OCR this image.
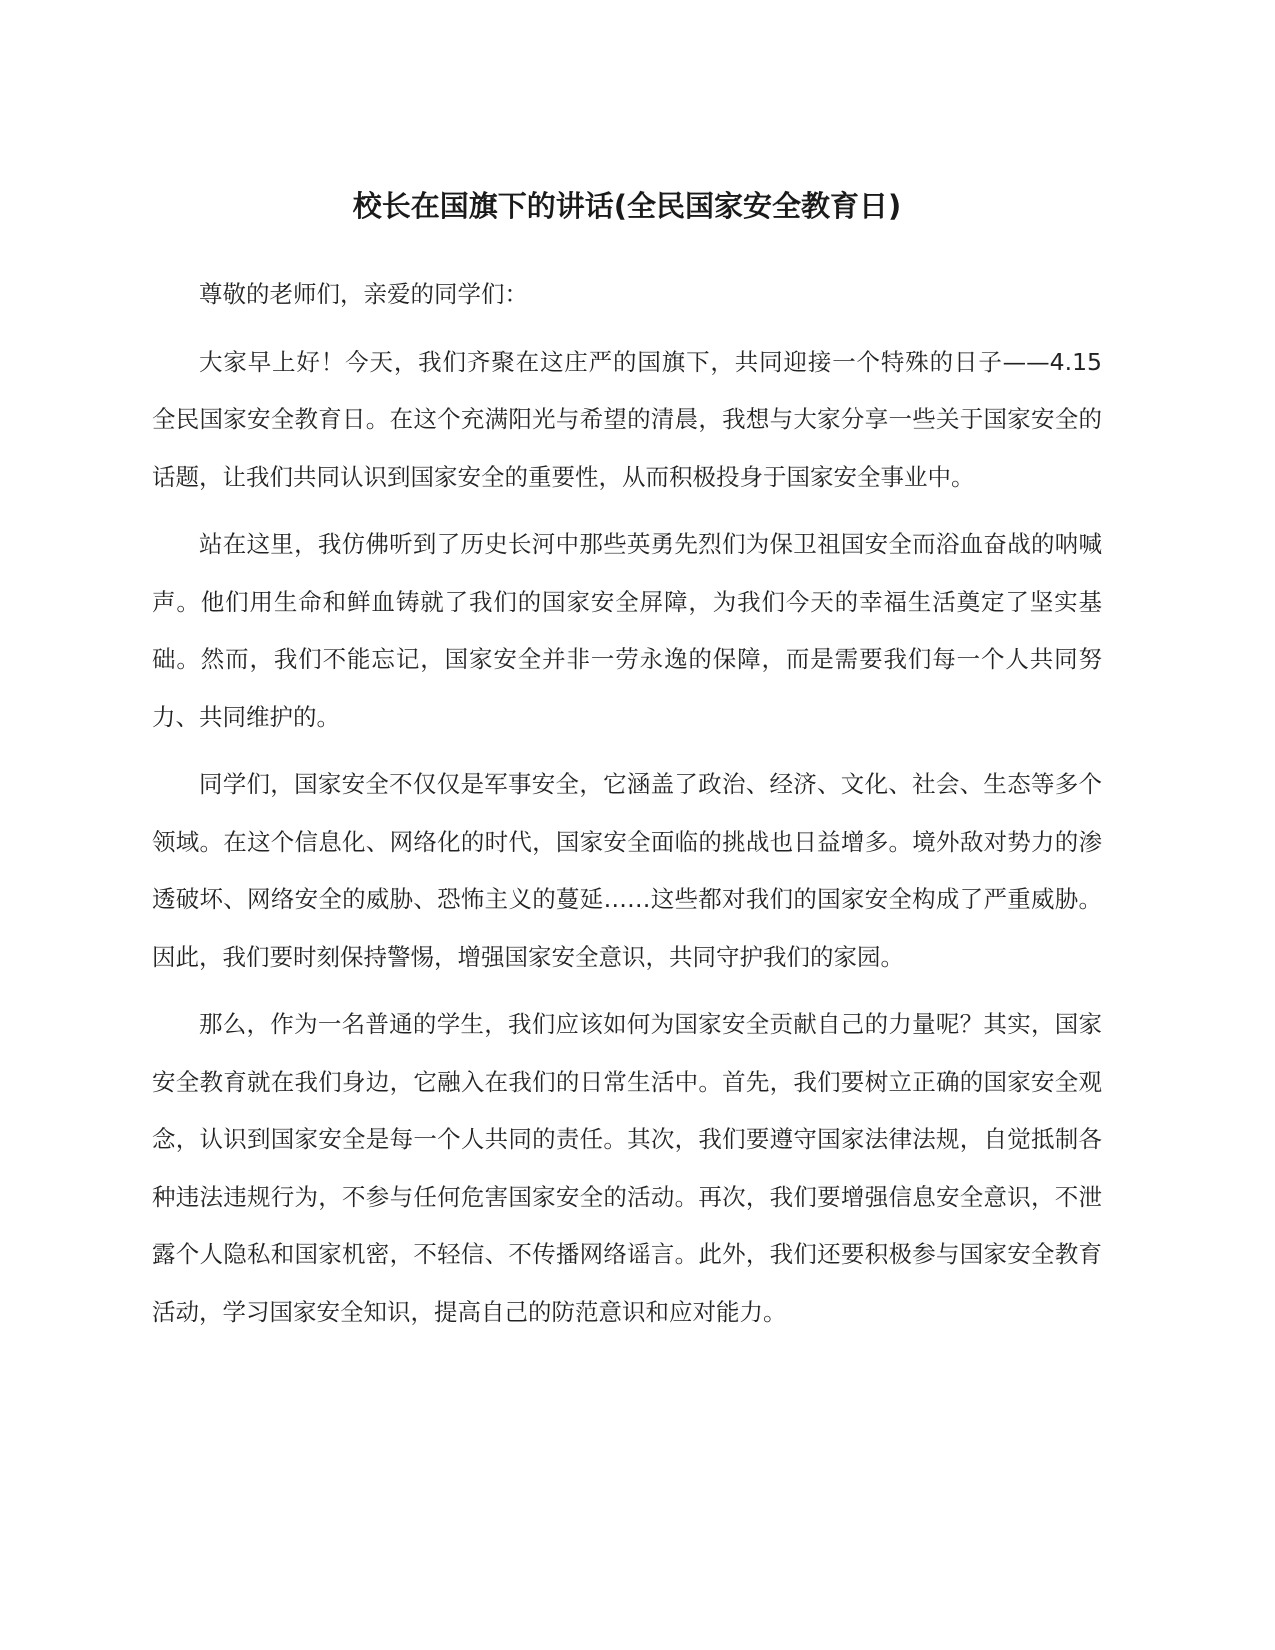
校长在国旗下的讲话(全民国家安全教育日)

尊敬的老师们，亲爱的同学们：

大家早上好！今天，我们齐聚在这庄严的国旗下，共同迎接一个特殊的日子——4.15 全民国家安全教育日。在这个充满阳光与希望的清晨，我想与大家分享一些关于国家安全的话题，让我们共同认识到国家安全的重要性，从而积极投身于国家安全事业中。

站在这里，我仿佛听到了历史长河中那些英勇先烈们为保卫祖国安全而浴血奋战的呐喊声。他们用生命和鲜血铸就了我们的国家安全屏障，为我们今天的幸福生活奠定了坚实基础。然而，我们不能忘记，国家安全并非一劳永逸的保障，而是需要我们每一个人共同努力、共同维护的。

同学们，国家安全不仅仅是军事安全，它涵盖了政治、经济、文化、社会、生态等多个领域。在这个信息化、网络化的时代，国家安全面临的挑战也日益增多。境外敌对势力的渗透破坏、网络安全的威胁、恐怖主义的蔓延……这些都对我们的国家安全构成了严重威胁。因此，我们要时刻保持警惕，增强国家安全意识，共同守护我们的家园。

那么，作为一名普通的学生，我们应该如何为国家安全贡献自己的力量呢？其实，国家安全教育就在我们身边，它融入在我们的日常生活中。首先，我们要树立正确的国家安全观念，认识到国家安全是每一个人共同的责任。其次，我们要遵守国家法律法规，自觉抵制各种违法违规行为，不参与任何危害国家安全的活动。再次，我们要增强信息安全意识，不泄露个人隐私和国家机密，不轻信、不传播网络谣言。此外，我们还要积极参与国家安全教育活动，学习国家安全知识，提高自己的防范意识和应对能力。
